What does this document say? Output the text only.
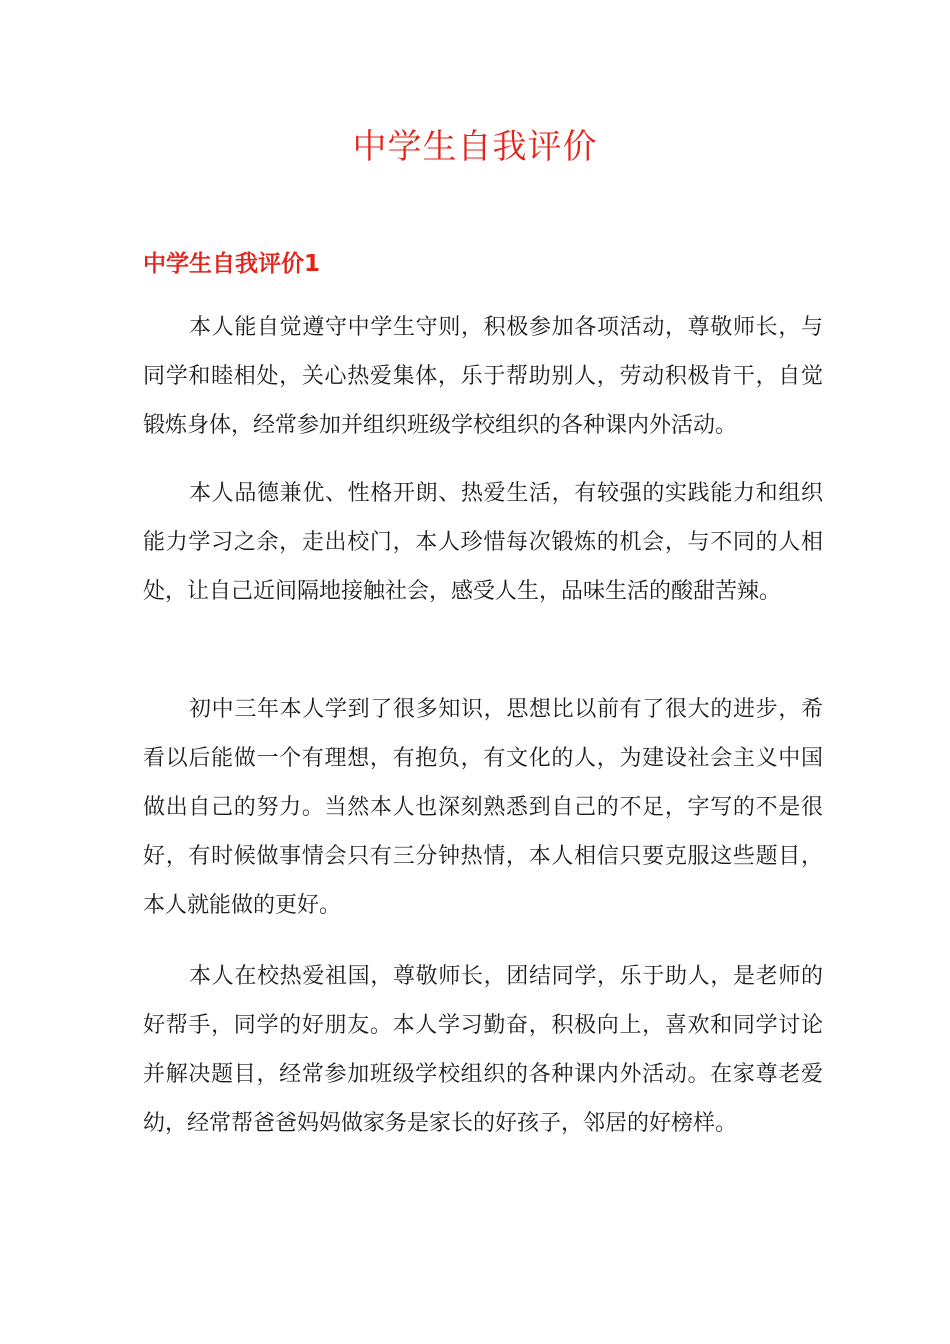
中学生自我评价
中学生自我评价1

本人能自觉遵守中学生守则，积极参加各项活动，尊敬师长，与同学和睦相处，关心热爱集体，乐于帮助别人，劳动积极肯干，自觉锻炼身体，经常参加并组织班级学校组织的各种课内外活动。

本人品德兼优、性格开朗、热爱生活，有较强的实践能力和组织能力学习之余，走出校门，本人珍惜每次锻炼的机会，与不同的人相处，让自己近间隔地接触社会，感受人生，品味生活的酸甜苦辣。

初中三年本人学到了很多知识，思想比以前有了很大的进步，希看以后能做一个有理想，有抱负，有文化的人，为建设社会主义中国做出自己的努力。当然本人也深刻熟悉到自己的不足，字写的不是很好，有时候做事情会只有三分钟热情，本人相信只要克服这些题目，本人就能做的更好。

本人在校热爱祖国，尊敬师长，团结同学，乐于助人，是老师的好帮手，同学的好朋友。本人学习勤奋，积极向上，喜欢和同学讨论并解决题目，经常参加班级学校组织的各种课内外活动。在家尊老爱幼，经常帮爸爸妈妈做家务是家长的好孩子，邻居的好榜样。
